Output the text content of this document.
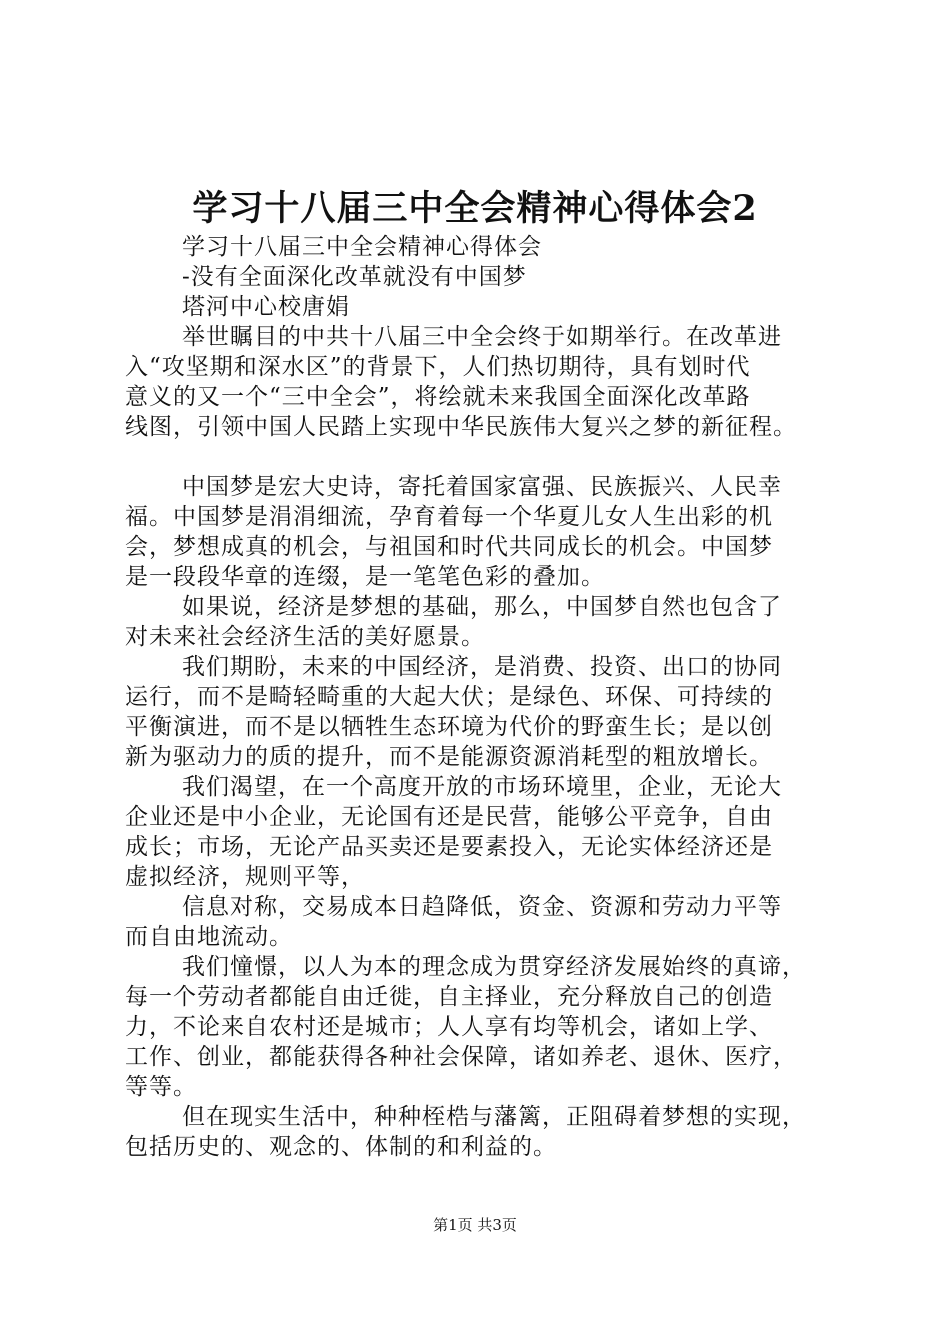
学习十八届三中全会精神心得体会2
学习十八届三中全会精神心得体会
-没有全面深化改革就没有中国梦
塔河中心校唐娟
举世瞩目的中共十八届三中全会终于如期举行。在改革进
入“攻坚期和深水区”的背景下，人们热切期待，具有划时代
意义的又一个“三中全会”，将绘就未来我国全面深化改革路
线图，引领中国人民踏上实现中华民族伟大复兴之梦的新征程。
中国梦是宏大史诗，寄托着国家富强、民族振兴、人民幸
福。中国梦是涓涓细流，孕育着每一个华夏儿女人生出彩的机
会，梦想成真的机会，与祖国和时代共同成长的机会。中国梦
是一段段华章的连缀，是一笔笔色彩的叠加。
如果说，经济是梦想的基础，那么，中国梦自然也包含了
对未来社会经济生活的美好愿景。
我们期盼，未来的中国经济，是消费、投资、出口的协同
运行，而不是畸轻畸重的大起大伏；是绿色、环保、可持续的
平衡演进，而不是以牺牲生态环境为代价的野蛮生长；是以创
新为驱动力的质的提升，而不是能源资源消耗型的粗放增长。
我们渴望，在一个高度开放的市场环境里，企业，无论大
企业还是中小企业，无论国有还是民营，能够公平竞争，自由
成长；市场，无论产品买卖还是要素投入，无论实体经济还是
虚拟经济，规则平等，
信息对称，交易成本日趋降低，资金、资源和劳动力平等
而自由地流动。
我们憧憬，以人为本的理念成为贯穿经济发展始终的真谛，
每一个劳动者都能自由迁徙，自主择业，充分释放自己的创造
力，不论来自农村还是城市；人人享有均等机会，诸如上学、
工作、创业，都能获得各种社会保障，诸如养老、退休、医疗，
等等。
但在现实生活中，种种桎梏与藩篱，正阻碍着梦想的实现，
包括历史的、观念的、体制的和利益的。
第1页 共3页
